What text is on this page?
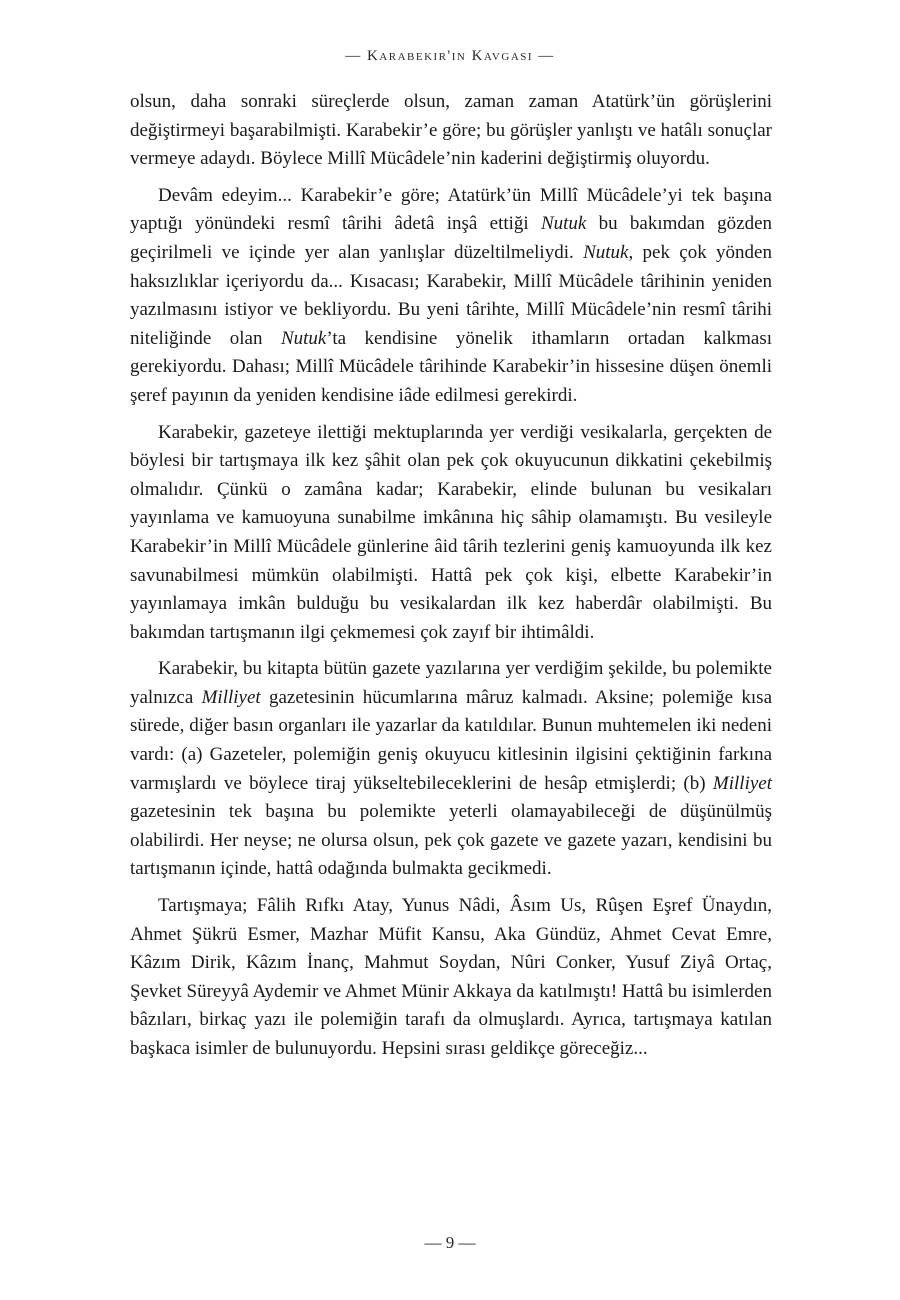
— Karabekir'in Kavgası —

olsun, daha sonraki süreçlerde olsun, zaman zaman Atatürk’ün görüşlerini değiştirmeyi başarabilmişti. Karabekir’e göre; bu görüşler yanlıştı ve hatâlı sonuçlar vermeye adaydı. Böylece Millî Mücâdele’nin kaderini değiştirmiş oluyordu.

Devâm edeyim... Karabekir’e göre; Atatürk’ün Millî Mücâdele’yi tek başına yaptığı yönündeki resmî târihi âdetâ inşâ ettiği Nutuk bu bakımdan gözden geçirilmeli ve içinde yer alan yanlışlar düzeltilmeliydi. Nutuk, pek çok yönden haksızlıklar içeriyordu da... Kısacası; Karabekir, Millî Mücâdele târihinin yeniden yazılmasını istiyor ve bekliyordu. Bu yeni târihte, Millî Mücâdele’nin resmî târihi niteliğinde olan Nutuk’ta kendisine yönelik ithamların ortadan kalkması gerekiyordu. Dahası; Millî Mücâdele târihinde Karabekir’in hissesine düşen önemli şeref payının da yeniden kendisine iâde edilmesi gerekirdi.

Karabekir, gazeteye ilettiği mektuplarında yer verdiği vesikalarla, gerçekten de böylesi bir tartışmaya ilk kez şâhit olan pek çok okuyucunun dikkatini çekebilmiş olmalıdır. Çünkü o zamâna kadar; Karabekir, elinde bulunan bu vesikaları yayınlama ve kamuoyuna sunabilme imkânına hiç sâhip olamamıştı. Bu vesileyle Karabekir’in Millî Mücâdele günlerine âid târih tezlerini geniş kamuoyunda ilk kez savunabilmesi mümkün olabilmişti. Hattâ pek çok kişi, elbette Karabekir’in yayınlamaya imkân bulduğu bu vesikalardan ilk kez haberdâr olabilmişti. Bu bakımdan tartışmanın ilgi çekmemesi çok zayıf bir ihtimâldi.

Karabekir, bu kitapta bütün gazete yazılarına yer verdiğim şekilde, bu polemikte yalnızca Milliyet gazetesinin hücumlarına mâruz kalmadı. Aksine; polemiğe kısa sürede, diğer basın organları ile yazarlar da katıldılar. Bunun muhtemelen iki nedeni vardı: (a) Gazeteler, polemiğin geniş okuyucu kitlesinin ilgisini çektiğinin farkına varmışlardı ve böylece tiraj yükseltebileceklerini de hesâp etmişlerdi; (b) Milliyet gazetesinin tek başına bu polemikte yeterli olamayabileceği de düşünülmüş olabilirdi. Her neyse; ne olursa olsun, pek çok gazete ve gazete yazarı, kendisini bu tartışmanın içinde, hattâ odağında bulmakta gecikmedi.

Tartışmaya; Fâlih Rıfkı Atay, Yunus Nâdi, Âsım Us, Rûşen Eşref Ünaydın, Ahmet Şükrü Esmer, Mazhar Müfit Kansu, Aka Gündüz, Ahmet Cevat Emre, Kâzım Dirik, Kâzım İnanç, Mahmut Soydan, Nûri Conker, Yusuf Ziyâ Ortaç, Şevket Süreyyâ Aydemir ve Ahmet Münir Akkaya da katılmıştı! Hattâ bu isimlerden bâzıları, birkaç yazı ile polemiğin tarafı da olmuşlardı. Ayrıca, tartışmaya katılan başkaca isimler de bulunuyordu. Hepsini sırası geldikçe göreceğiz...

— 9 —
